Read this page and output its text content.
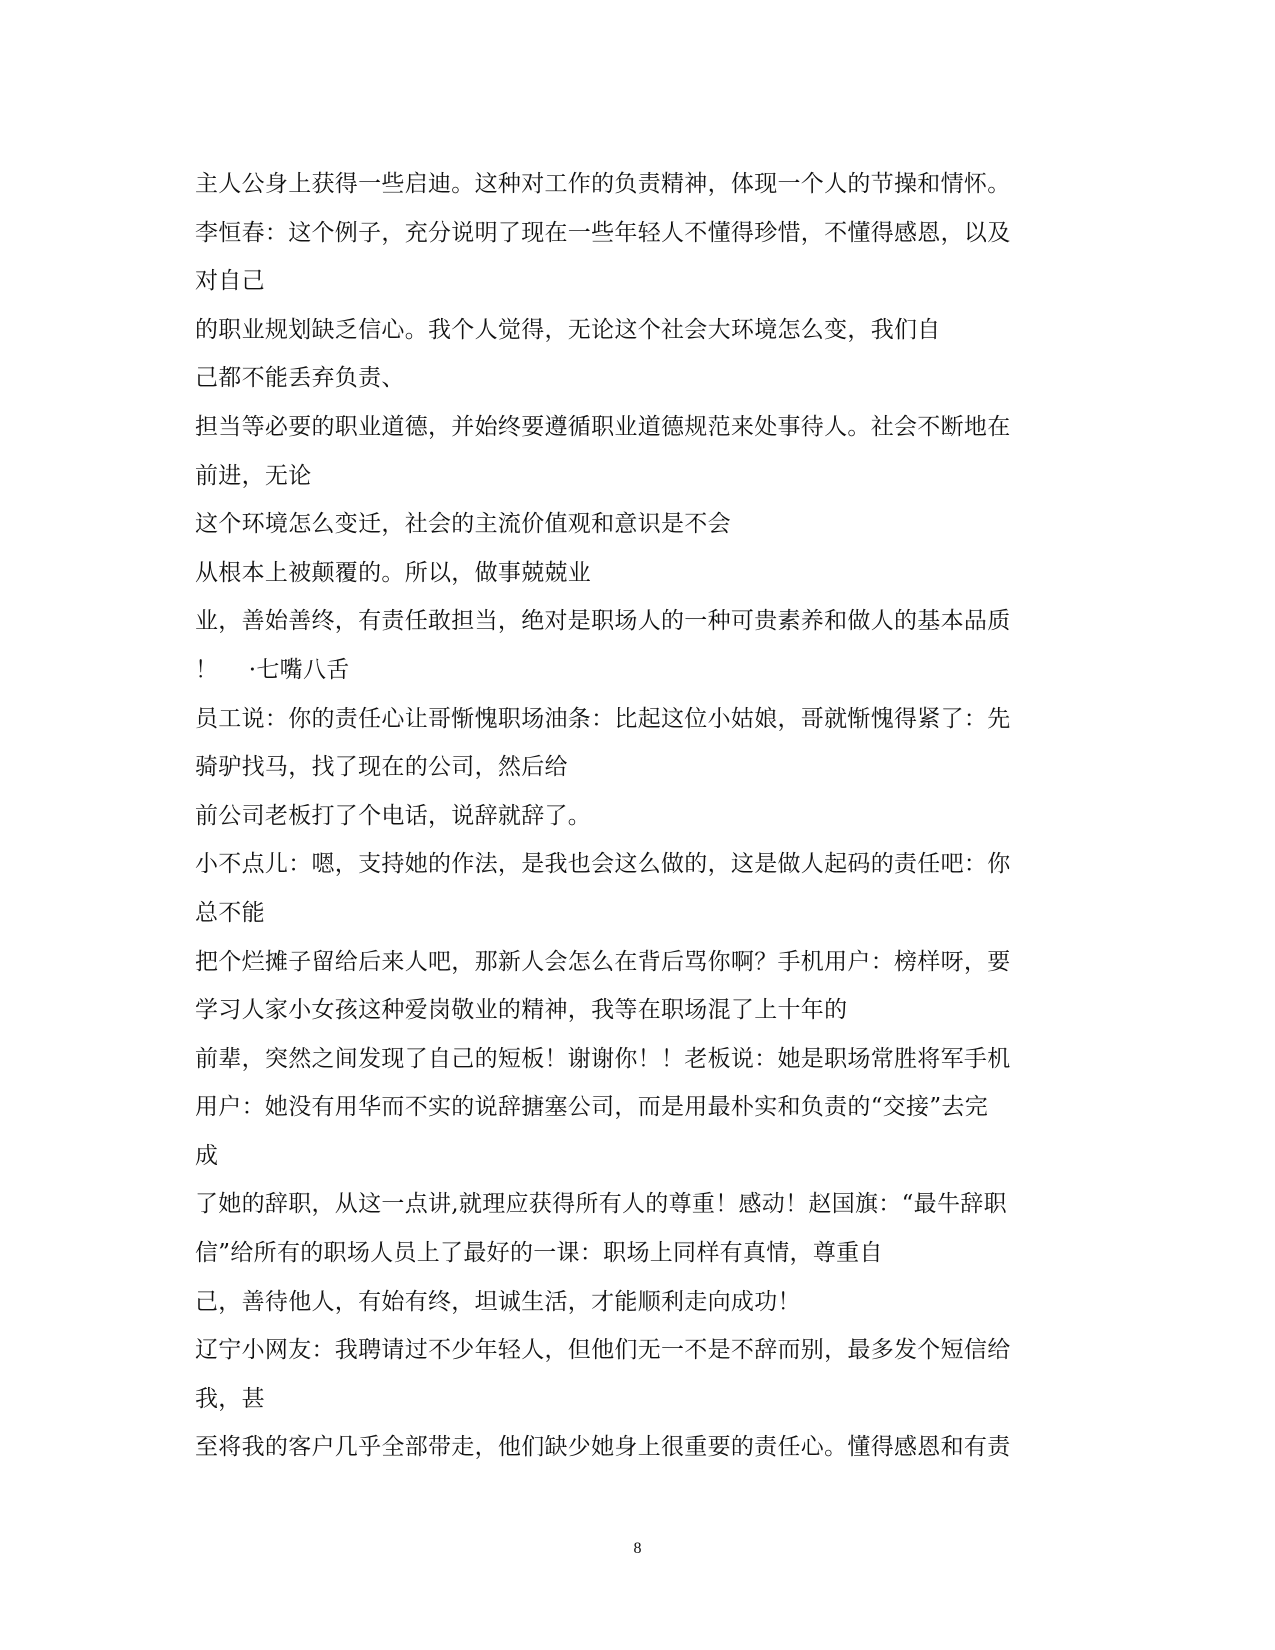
主人公身上获得一些启迪。这种对工作的负责精神，体现一个人的节操和情怀。
李恒春：这个例子，充分说明了现在一些年轻人不懂得珍惜，不懂得感恩，以及
对自己
的职业规划缺乏信心。我个人觉得，无论这个社会大环境怎么变，我们自
己都不能丢弃负责、
担当等必要的职业道德，并始终要遵循职业道德规范来处事待人。社会不断地在
前进，无论
这个环境怎么变迁，社会的主流价值观和意识是不会
从根本上被颠覆的。所以，做事兢兢业
业，善始善终，有责任敢担当，绝对是职场人的一种可贵素养和做人的基本品质
！    ·七嘴八舌
员工说：你的责任心让哥惭愧职场油条：比起这位小姑娘，哥就惭愧得紧了：先
骑驴找马，找了现在的公司，然后给
前公司老板打了个电话，说辞就辞了。
小不点儿：嗯，支持她的作法，是我也会这么做的，这是做人起码的责任吧：你
总不能
把个烂摊子留给后来人吧，那新人会怎么在背后骂你啊？手机用户：榜样呀，要
学习人家小女孩这种爱岗敬业的精神，我等在职场混了上十年的
前辈，突然之间发现了自己的短板！谢谢你！！老板说：她是职场常胜将军手机
用户：她没有用华而不实的说辞搪塞公司，而是用最朴实和负责的“交接”去完
成
了她的辞职，从这一点讲,就理应获得所有人的尊重！感动！赵国旗：“最牛辞职
信”给所有的职场人员上了最好的一课：职场上同样有真情，尊重自
己，善待他人，有始有终，坦诚生活，才能顺利走向成功！
辽宁小网友：我聘请过不少年轻人，但他们无一不是不辞而别，最多发个短信给
我，甚
至将我的客户几乎全部带走，他们缺少她身上很重要的责任心。懂得感恩和有责
8
